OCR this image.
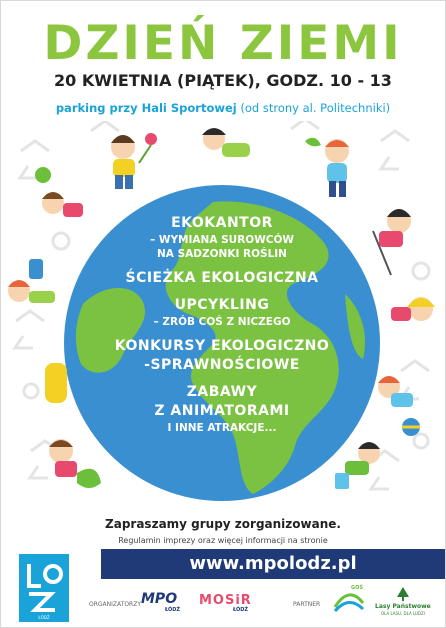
DZIEŃ ZIEMI
20 KWIETNIA (PIĄTEK), GODZ. 10 - 13
parking przy Hali Sportowej (od strony al. Politechniki)
EKOKANTOR
– WYMIANA SUROWCÓW
NA SADZONKI ROŚLIN
ŚCIEŻKA EKOLOGICZNA
UPCYKLING
– ZRÓB COŚ Z NICZEGO
KONKURSY EKOLOGICZNO
-SPRAWNOŚCIOWE
ZABAWY
Z ANIMATORAMI
I INNE ATRAKCJE...
Zapraszamy grupy zorganizowane.
Regulamin imprezy oraz więcej informacji na stronie
ŁÓDŹ
www.mpolodz.pl
ORGANIZATORZY MPO
ŁÓDŹ
MOSiR
ŁÓDŹ
PARTNER
GOŚ
Lasy Państwowe
OLA LASU, DLA LUDZI
